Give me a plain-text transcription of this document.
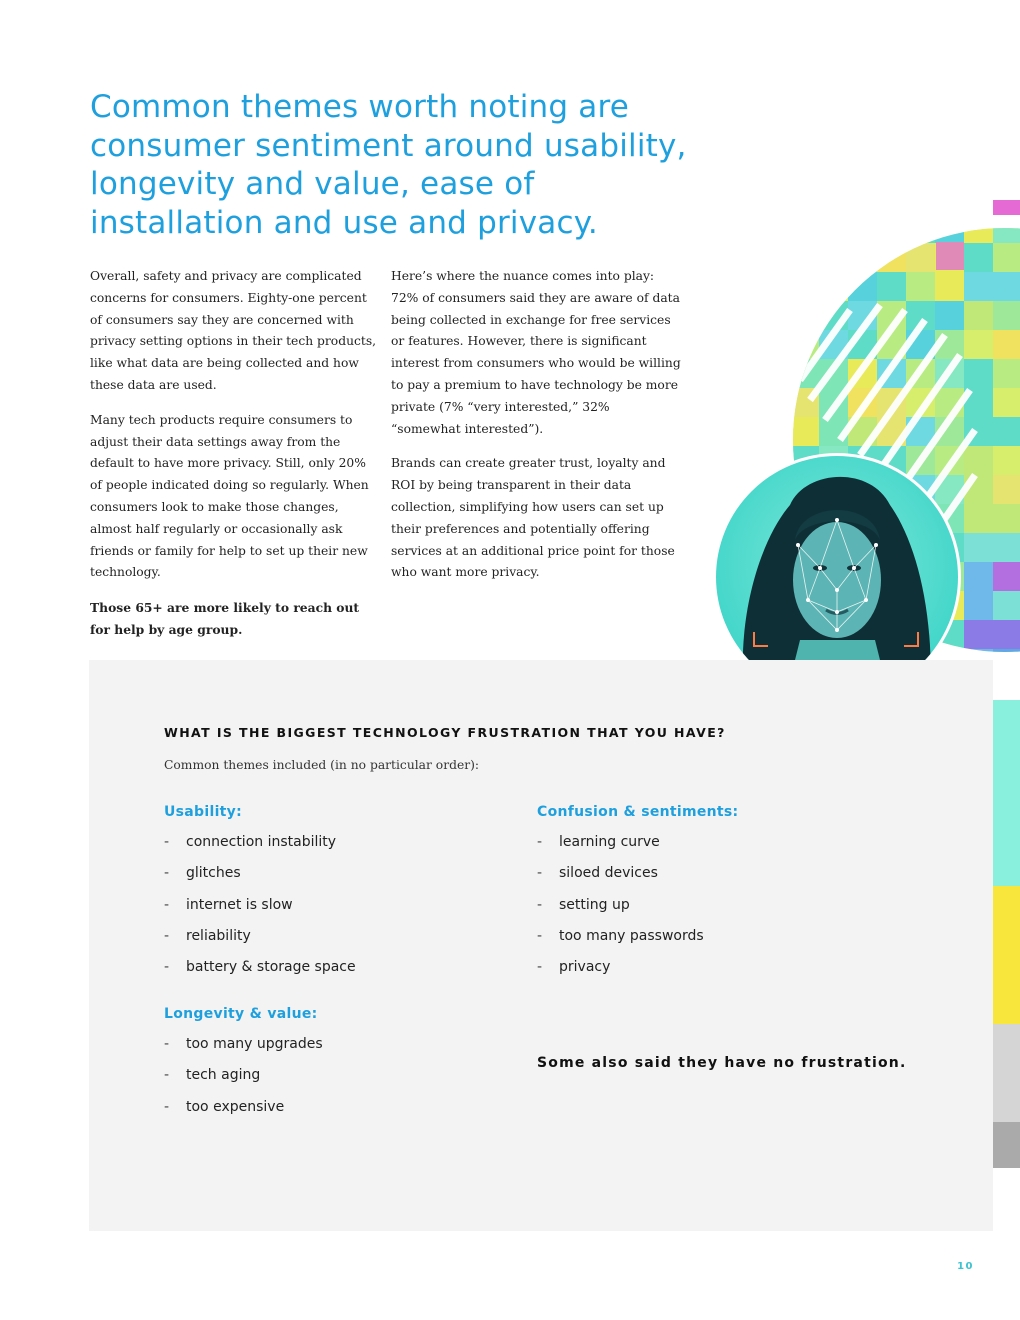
Common themes worth noting are consumer sentiment around usability, longevity and value, ease of installation and use and privacy.

Overall, safety and privacy are complicated concerns for consumers. Eighty-one percent of consumers say they are concerned with privacy setting options in their tech products, like what data are being collected and how these data are used.

Many tech products require consumers to adjust their data settings away from the default to have more privacy. Still, only 20% of people indicated doing so regularly. When consumers look to make those changes, almost half regularly or occasionally ask friends or family for help to set up their new technology.

Those 65+ are more likely to reach out for help by age group.

Here’s where the nuance comes into play: 72% of consumers said they are aware of data being collected in exchange for free services or features. However, there is significant interest from consumers who would be willing to pay a premium to have technology be more private (7% “very interested,” 32% “somewhat interested”).

Brands can create greater trust, loyalty and ROI by being transparent in their data collection, simplifying how users can set up their preferences and potentially offering services at an additional price point for those who want more privacy.

WHAT IS THE BIGGEST TECHNOLOGY FRUSTRATION THAT YOU HAVE?
Common themes included (in no particular order):
Usability:
- connection instability
- glitches
- internet is slow
- reliability
- battery & storage space
Longevity & value:
- too many upgrades
- tech aging
- too expensive
Confusion & sentiments:
- learning curve
- siloed devices
- setting up
- too many passwords
- privacy
Some also said they have no frustration.
10
